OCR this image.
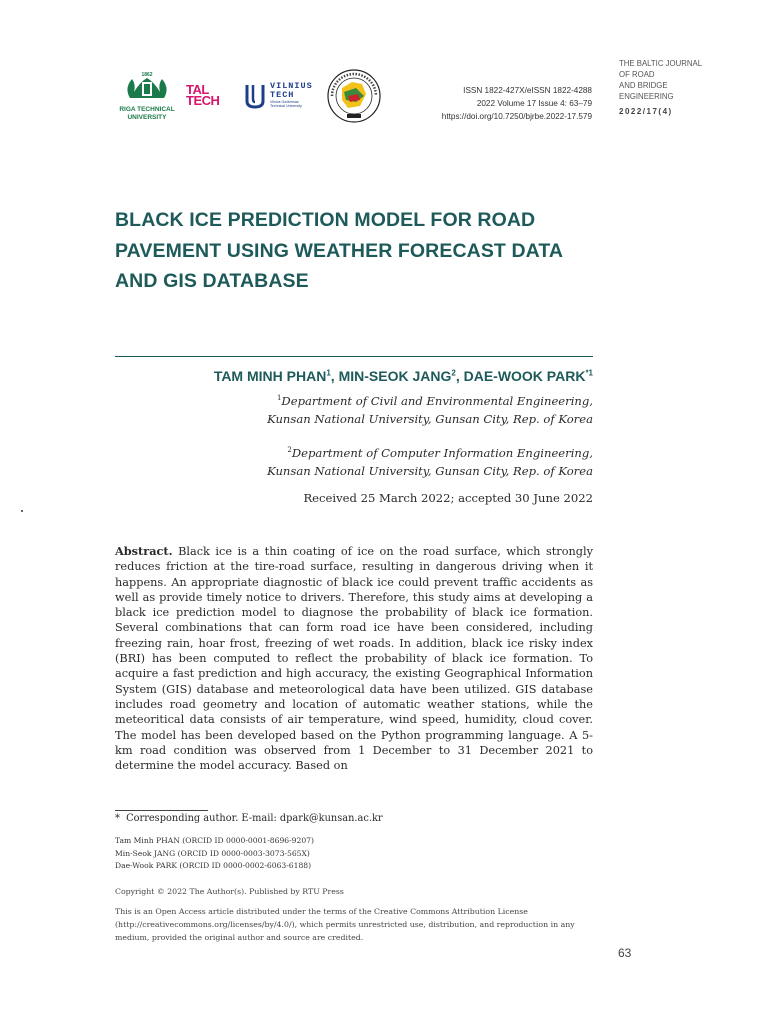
1862
RIGA TECHNICAL
UNIVERSITY
TAL
TECH
VILNIUS
TECH
Vilnius Gediminas Technical University
ISSN 1822-427X/eISSN 1822-4288
2022 Volume 17 Issue 4: 63–79
https://doi.org/10.7250/bjrbe.2022-17.579
THE BALTIC JOURNAL
OF ROAD
AND BRIDGE
ENGINEERING
2022/17(4)
BLACK ICE PREDICTION MODEL FOR ROAD
PAVEMENT USING WEATHER FORECAST DATA
AND GIS DATABASE
TAM MINH PHAN$^1$, MIN-SEOK JANG$^2$, DAE-WOOK PARK$^{*1}$
$^1$Department of Civil and Environmental Engineering,
Kunsan National University, Gunsan City, Rep. of Korea
$^2$Department of Computer Information Engineering,
Kunsan National University, Gunsan City, Rep. of Korea
Received 25 March 2022; accepted 30 June 2022
Abstract. Black ice is a thin coating of ice on the road surface, which strongly reduces friction at the tire-road surface, resulting in dangerous driving when it happens. An appropriate diagnostic of black ice could prevent traffic accidents as well as provide timely notice to drivers. Therefore, this study aims at developing a black ice prediction model to diagnose the probability of black ice formation. Several combinations that can form road ice have been considered, including freezing rain, hoar frost, freezing of wet roads. In addition, black ice risky index (BRI) has been computed to reflect the probability of black ice formation. To acquire a fast prediction and high accuracy, the existing Geographical Information System (GIS) database and meteorological data have been utilized. GIS database includes road geometry and location of automatic weather stations, while the meteoritical data consists of air temperature, wind speed, humidity, cloud cover. The model has been developed based on the Python programming language. A 5-km road condition was observed from 1 December to 31 December 2021 to determine the model accuracy. Based on
*  Corresponding author. E-mail: dpark@kunsan.ac.kr
Tam Minh PHAN (ORCID ID 0000-0001-8696-9207)
Min-Seok JANG (ORCID ID 0000-0003-3073-565X)
Dae-Wook PARK (ORCID ID 0000-0002-6063-6188)
Copyright © 2022 The Author(s). Published by RTU Press
This is an Open Access article distributed under the terms of the Creative Commons Attribution License (http://creativecommons.org/licenses/by/4.0/), which permits unrestricted use, distribution, and reproduction in any medium, provided the original author and source are credited.
63
